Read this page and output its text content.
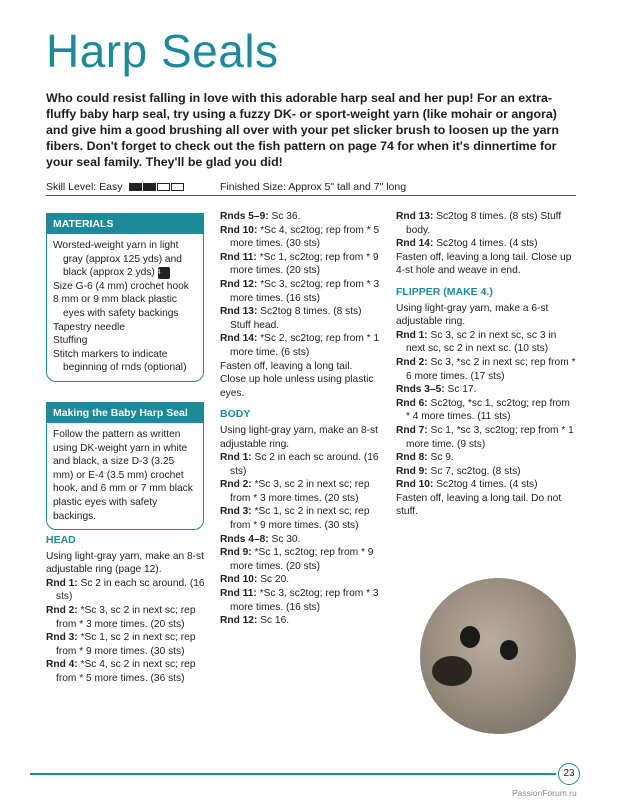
Harp Seals

Who could resist falling in love with this adorable harp seal and her pup! For an extra-fluffy baby harp seal, try using a fuzzy DK- or sport-weight yarn (like mohair or angora) and give him a good brushing all over with your pet slicker brush to loosen up the yarn fibers. Don't forget to check out the fish pattern on page 74 for when it's dinnertime for your seal family. They'll be glad you did!

Skill Level: Easy	Finished Size: Approx 5" tall and 7" long
MATERIALS

Worsted-weight yarn in light gray (approx 125 yds) and black (approx 2 yds) 4

Size G-6 (4 mm) crochet hook

8 mm or 9 mm black plastic eyes with safety backings

Tapestry needle

Stuffing

Stitch markers to indicate beginning of rnds (optional)

Making the Baby Harp Seal

Follow the pattern as written using DK-weight yarn in white and black, a size D-3 (3.25 mm) or E-4 (3.5 mm) crochet hook, and 6 mm or 7 mm black plastic eyes with safety backings.

HEAD

Using light-gray yarn, make an 8-st adjustable ring (page 12).

Rnd 1: Sc 2 in each sc around. (16 sts)

Rnd 2: *Sc 3, sc 2 in next sc; rep from * 3 more times. (20 sts)

Rnd 3: *Sc 1, sc 2 in next sc; rep from * 9 more times. (30 sts)

Rnd 4: *Sc 4, sc 2 in next sc; rep from * 5 more times. (36 sts)

Rnds 5–9: Sc 36.

Rnd 10: *Sc 4, sc2tog; rep from * 5 more times. (30 sts)

Rnd 11: *Sc 1, sc2tog; rep from * 9 more times. (20 sts)

Rnd 12: *Sc 3, sc2tog; rep from * 3 more times. (16 sts)

Rnd 13: Sc2tog 8 times. (8 sts) Stuff head.

Rnd 14: *Sc 2, sc2tog; rep from * 1 more time. (6 sts)

Fasten off, leaving a long tail. Close up hole unless using plastic eyes.

BODY

Using light-gray yarn, make an 8-st adjustable ring.

Rnd 1: Sc 2 in each sc around. (16 sts)

Rnd 2: *Sc 3, sc 2 in next sc; rep from * 3 more times. (20 sts)

Rnd 3: *Sc 1, sc 2 in next sc; rep from * 9 more times. (30 sts)

Rnds 4–8: Sc 30.

Rnd 9: *Sc 1, sc2tog; rep from * 9 more times. (20 sts)

Rnd 10: Sc 20.

Rnd 11: *Sc 3, sc2tog; rep from * 3 more times. (16 sts)

Rnd 12: Sc 16.

Rnd 13: Sc2tog 8 times. (8 sts) Stuff body.

Rnd 14: Sc2tog 4 times. (4 sts)

Fasten off, leaving a long tail. Close up 4-st hole and weave in end.

FLIPPER (MAKE 4.)

Using light-gray yarn, make a 6-st adjustable ring.

Rnd 1: Sc 3, sc 2 in next sc, sc 3 in next sc, sc 2 in next sc. (10 sts)

Rnd 2: Sc 3, *sc 2 in next sc; rep from * 6 more times. (17 sts)

Rnds 3–5: Sc 17.

Rnd 6: Sc2tog, *sc 1, sc2tog; rep from * 4 more times. (11 sts)

Rnd 7: Sc 1, *sc 3, sc2tog; rep from * 1 more time. (9 sts)

Rnd 8: Sc 9.

Rnd 9: Sc 7, sc2tog. (8 sts)

Rnd 10: Sc2tog 4 times. (4 sts)

Fasten off, leaving a long tail. Do not stuff.

23
PassionForum.ru
